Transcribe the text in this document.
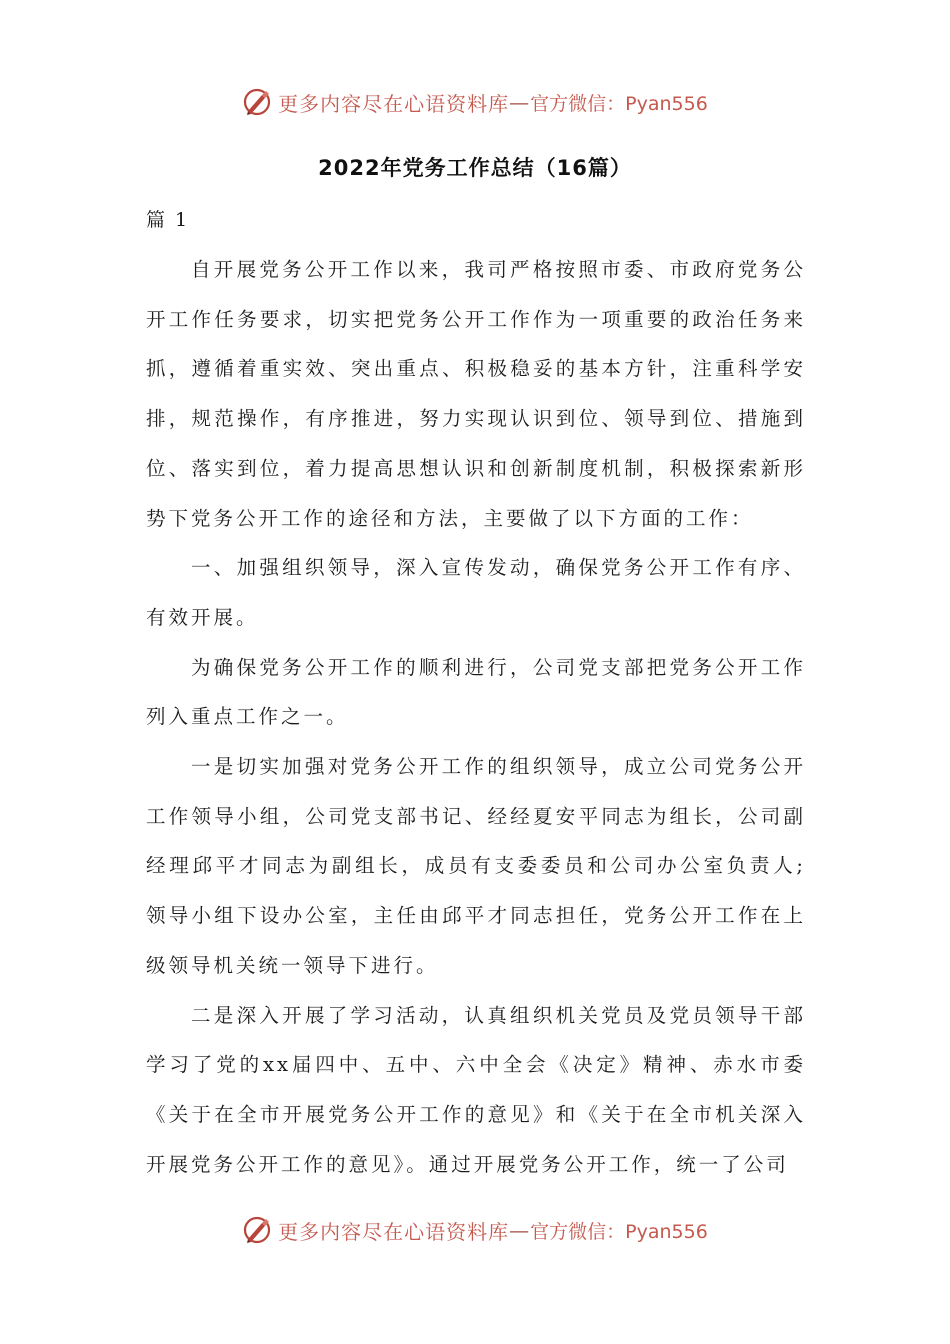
更多内容尽在心语资料库 — 官方微信：Pyan556
2022年党务工作总结（16篇）

篇 1

自开展党务公开工作以来，我司严格按照市委、市政府党务公开工作任务要求，切实把党务公开工作作为一项重要的政治任务来抓，遵循着重实效、突出重点、积极稳妥的基本方针，注重科学安排，规范操作，有序推进，努力实现认识到位、领导到位、措施到位、落实到位，着力提高思想认识和创新制度机制，积极探索新形势下党务公开工作的途径和方法，主要做了以下方面的工作：

一、加强组织领导，深入宣传发动，确保党务公开工作有序、有效开展。

为确保党务公开工作的顺利进行，公司党支部把党务公开工作列入重点工作之一。

一是切实加强对党务公开工作的组织领导，成立公司党务公开工作领导小组，公司党支部书记、经经夏安平同志为组长，公司副经理邱平才同志为副组长，成员有支委委员和公司办公室负责人;领导小组下设办公室，主任由邱平才同志担任，党务公开工作在上级领导机关统一领导下进行。

二是深入开展了学习活动，认真组织机关党员及党员领导干部学习了党的xx届四中、五中、六中全会《决定》精神、赤水市委《关于在全市开展党务公开工作的意见》和《关于在全市机关深入开展党务公开工作的意见》。通过开展党务公开工作，统一了公司

更多内容尽在心语资料库 — 官方微信：Pyan556
